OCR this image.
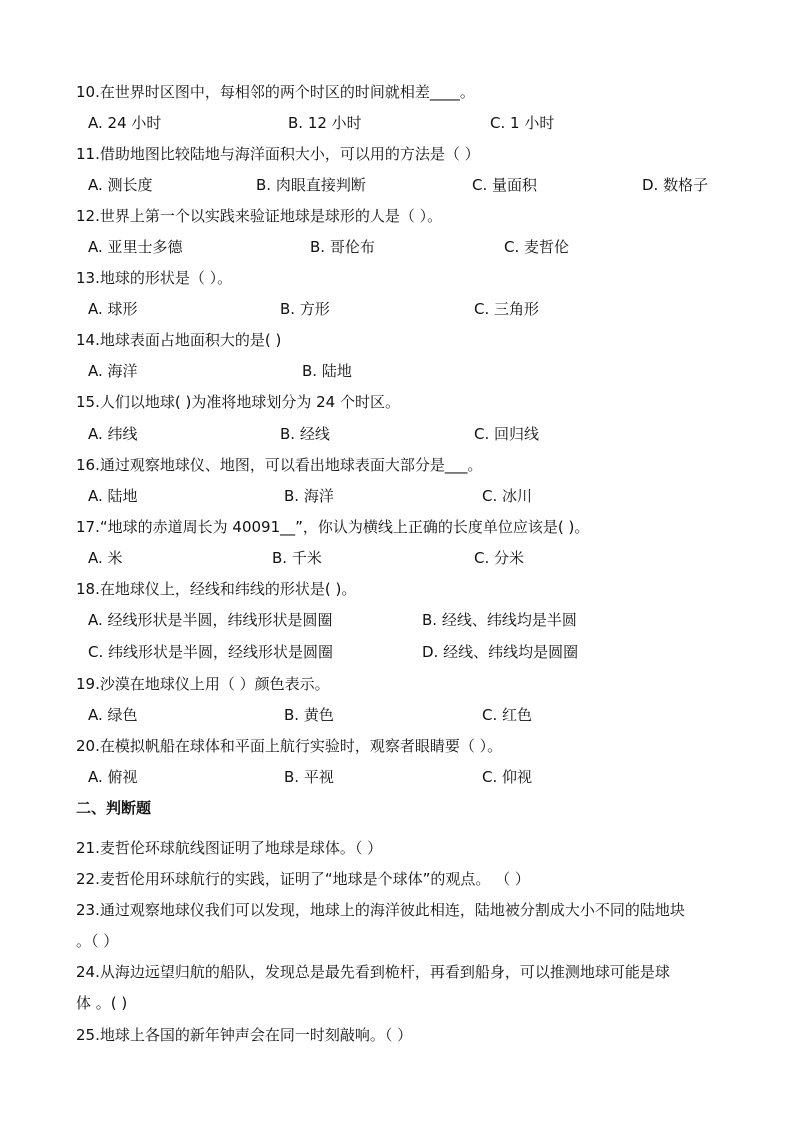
10.在世界时区图中，每相邻的两个时区的时间就相差____。
A. 24 小时	B. 12 小时	C. 1 小时
11.借助地图比较陆地与海洋面积大小，可以用的方法是（ ）
A. 测长度	B. 肉眼直接判断	C. 量面积	D. 数格子
12.世界上第一个以实践来验证地球是球形的人是（ ）。
A. 亚里士多德	B. 哥伦布	C. 麦哲伦
13.地球的形状是（ ）。
A. 球形	B. 方形	C. 三角形
14.地球表面占地面积大的是( )
A. 海洋	B. 陆地
15.人们以地球( )为准将地球划分为 24 个时区。
A. 纬线	B. 经线	C. 回归线
16.通过观察地球仪、地图，可以看出地球表面大部分是___。
A. 陆地	B. 海洋	C. 冰川
17.“地球的赤道周长为 40091__”，你认为横线上正确的长度单位应该是( )。
A. 米	B. 千米	C. 分米
18.在地球仪上，经线和纬线的形状是( )。
A. 经线形状是半圆，纬线形状是圆圈	B. 经线、纬线均是半圆
C. 纬线形状是半圆，经线形状是圆圈	D. 经线、纬线均是圆圈
19.沙漠在地球仪上用（ ）颜色表示。
A. 绿色	B. 黄色	C. 红色
20.在模拟帆船在球体和平面上航行实验时，观察者眼睛要（ ）。
A. 俯视	B. 平视	C. 仰视
二、判断题
21.麦哲伦环球航线图证明了地球是球体。（ ）
22.麦哲伦用环球航行的实践，证明了“地球是个球体”的观点。 （ ）
23.通过观察地球仪我们可以发现，地球上的海洋彼此相连，陆地被分割成大小不同的陆地块
。（ ）
24.从海边远望归航的船队，发现总是最先看到桅杆，再看到船身，可以推测地球可能是球
体 。( )
25.地球上各国的新年钟声会在同一时刻敲响。（ ）
